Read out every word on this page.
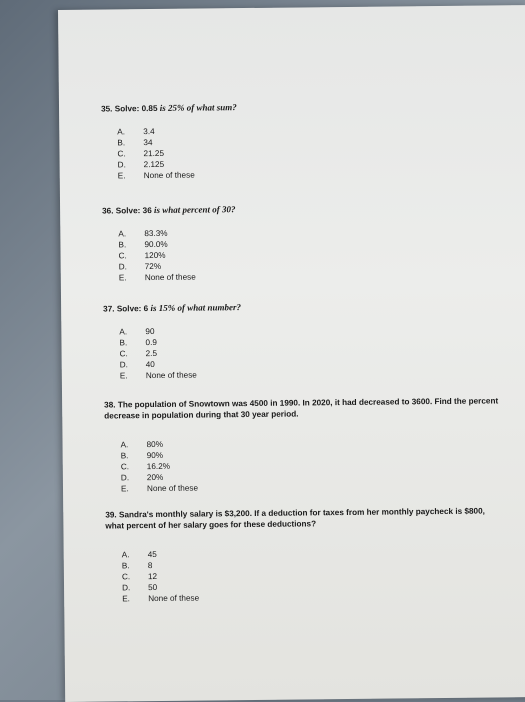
35. Solve: 0.85 is 25% of what sum?

A.	3.4
B.	34
C.	21.25
D.	2.125
E.	None of these

36. Solve: 36 is what percent of 30?

A.	83.3%
B.	90.0%
C.	120%
D.	72%
E.	None of these

37. Solve: 6 is 15% of what number?

A.	90
B.	0.9
C.	2.5
D.	40
E.	None of these

38. The population of Snowtown was 4500 in 1990. In 2020, it had decreased to 3600. Find the percent decrease in population during that 30 year period.

A.	80%
B.	90%
C.	16.2%
D.	20%
E.	None of these

39. Sandra's monthly salary is $3,200. If a deduction for taxes from her monthly paycheck is $800, what percent of her salary goes for these deductions?

A.	45
B.	8
C.	12
D.	50
E.	None of these
